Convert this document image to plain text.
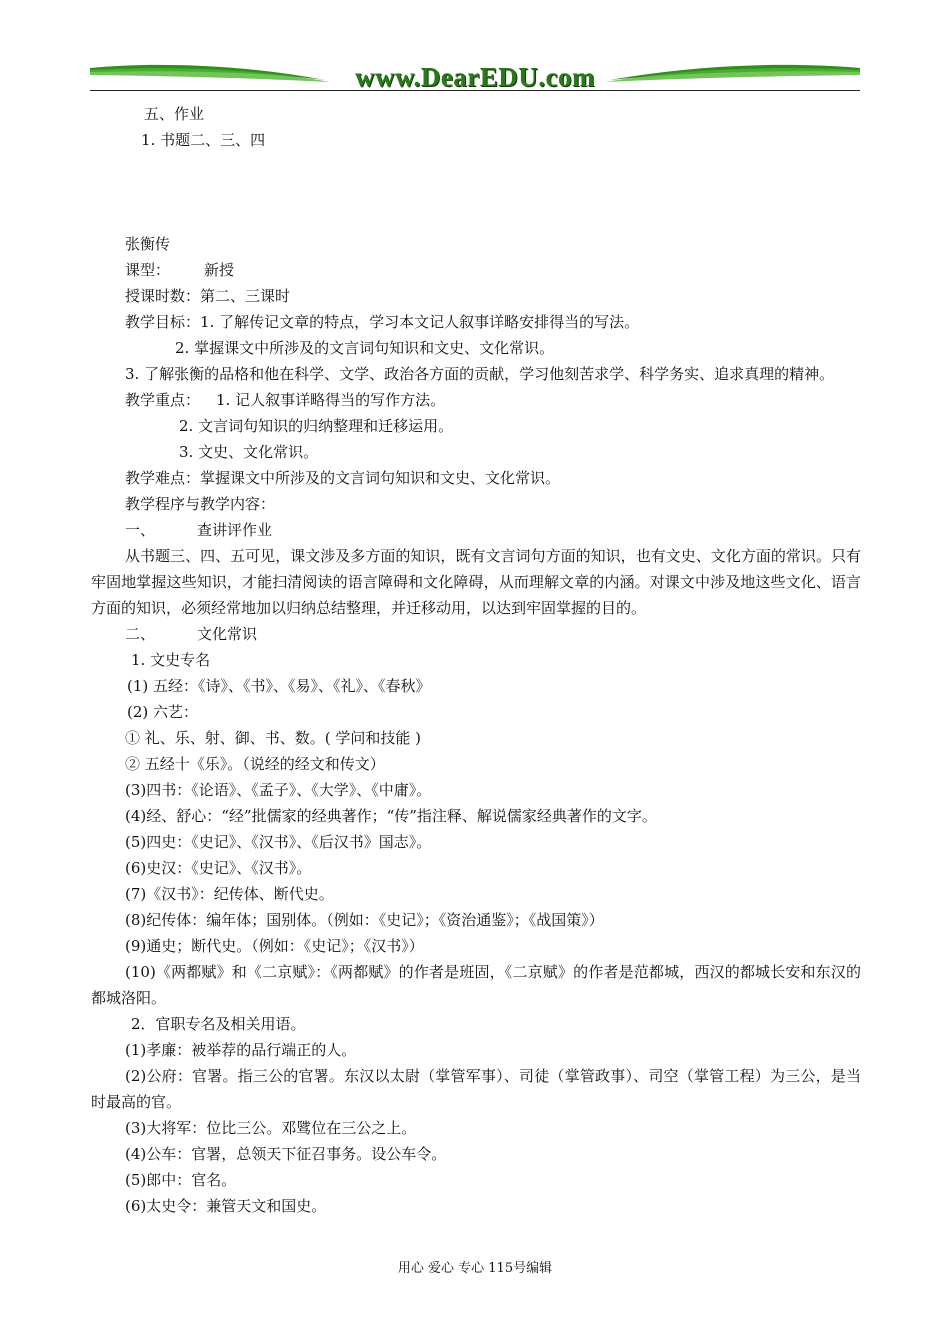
www.DearEDU.com
五、作业
1. 书题二、三、四
张衡传
课型： 新授
授课时数：第二、三课时
教学目标：1. 了解传记文章的特点，学习本文记人叙事详略安排得当的写法。
2. 掌握课文中所涉及的文言词句知识和文史、文化常识。
3. 了解张衡的品格和他在科学、文学、政治各方面的贡献，学习他刻苦求学、科学务实、追求真理的精神。
教学重点： 1. 记人叙事详略得当的写作方法。
2. 文言词句知识的归纳整理和迁移运用。
3. 文史、文化常识。
教学难点：掌握课文中所涉及的文言词句知识和文史、文化常识。
教学程序与教学内容：
一、	查讲评作业
从书题三、四、五可见，课文涉及多方面的知识，既有文言词句方面的知识，也有文史、文化方面的常识。只有牢固地掌握这些知识，才能扫清阅读的语言障碍和文化障碍，从而理解文章的内涵。对课文中涉及地这些文化、语言方面的知识，必须经常地加以归纳总结整理，并迁移动用，以达到牢固掌握的目的。
二、	文化常识
1. 文史专名
(1) 五经：《诗》、《书》、《易》、《礼》、《春秋》
(2) 六艺：
① 礼、乐、射、御、书、数。( 学问和技能 )
② 五经十《乐》。（说经的经文和传文）
(3)四书：《论语》、《孟子》、《大学》、《中庸》。
(4)经、舒心：“经”批儒家的经典著作；“传”指注释、解说儒家经典著作的文字。
(5)四史：《史记》、《汉书》、《后汉书》国志》。
(6)史汉：《史记》、《汉书》。
(7)《汉书》：纪传体、断代史。
(8)纪传体：编年体；国别体。（例如：《史记》；《资治通鉴》；《战国策》）
(9)通史；断代史。（例如：《史记》；《汉书》）
(10)《两都赋》和《二京赋》：《两都赋》的作者是班固，《二京赋》的作者是范都城，西汉的都城长安和东汉的都城洛阳。
2．官职专名及相关用语。
(1)孝廉：被举荐的品行端正的人。
(2)公府：官署。指三公的官署。东汉以太尉（掌管军事）、司徒（掌管政事）、司空（掌管工程）为三公，是当时最高的官。
(3)大将军：位比三公。邓骘位在三公之上。
(4)公车：官署，总领天下征召事务。设公车令。
(5)郎中：官名。
(6)太史令：兼管天文和国史。
用心 爱心 专心 115号编辑
